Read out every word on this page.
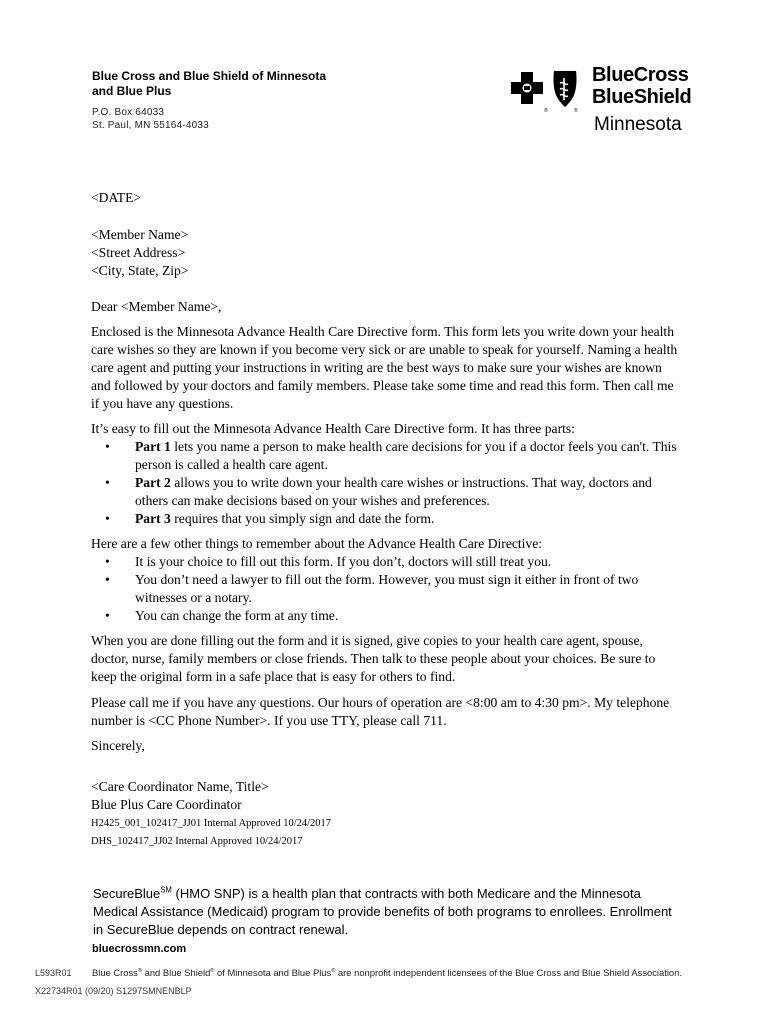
Blue Cross and Blue Shield of Minnesota
and Blue Plus
P.O. Box 64033
St. Paul, MN 55164-4033
®	®
BlueCross
BlueShield
Minnesota
<DATE>
<Member Name>
<Street Address>
<City, State, Zip>
Dear <Member Name>,
Enclosed is the Minnesota Advance Health Care Directive form. This form lets you write down your health care wishes so they are known if you become very sick or are unable to speak for yourself. Naming a health care agent and putting your instructions in writing are the best ways to make sure your wishes are known and followed by your doctors and family members. Please take some time and read this form. Then call me if you have any questions.
It’s easy to fill out the Minnesota Advance Health Care Directive form. It has three parts:
•	Part 1 lets you name a person to make health care decisions for you if a doctor feels you can't. This person is called a health care agent.
•	Part 2 allows you to write down your health care wishes or instructions. That way, doctors and others can make decisions based on your wishes and preferences.
•	Part 3 requires that you simply sign and date the form.
Here are a few other things to remember about the Advance Health Care Directive:
•	It is your choice to fill out this form. If you don’t, doctors will still treat you.
•	You don’t need a lawyer to fill out the form. However, you must sign it either in front of two witnesses or a notary.
•	You can change the form at any time.
When you are done filling out the form and it is signed, give copies to your health care agent, spouse, doctor, nurse, family members or close friends. Then talk to these people about your choices. Be sure to keep the original form in a safe place that is easy for others to find.
Please call me if you have any questions. Our hours of operation are <8:00 am to 4:30 pm>. My telephone number is <CC Phone Number>. If you use TTY, please call 711.
Sincerely,
<Care Coordinator Name, Title>
Blue Plus Care Coordinator
H2425_001_102417_JJ01 Internal Approved 10/24/2017
DHS_102417_JJ02 Internal Approved 10/24/2017
SecureBlue℠ (HMO SNP) is a health plan that contracts with both Medicare and the Minnesota Medical Assistance (Medicaid) program to provide benefits of both programs to enrollees. Enrollment in SecureBlue depends on contract renewal.
bluecrossmn.com
L593R01 Blue Cross® and Blue Shield® of Minnesota and Blue Plus® are nonprofit independent licensees of the Blue Cross and Blue Shield Association.
X22734R01 (09/20) S1297SMNENBLP
